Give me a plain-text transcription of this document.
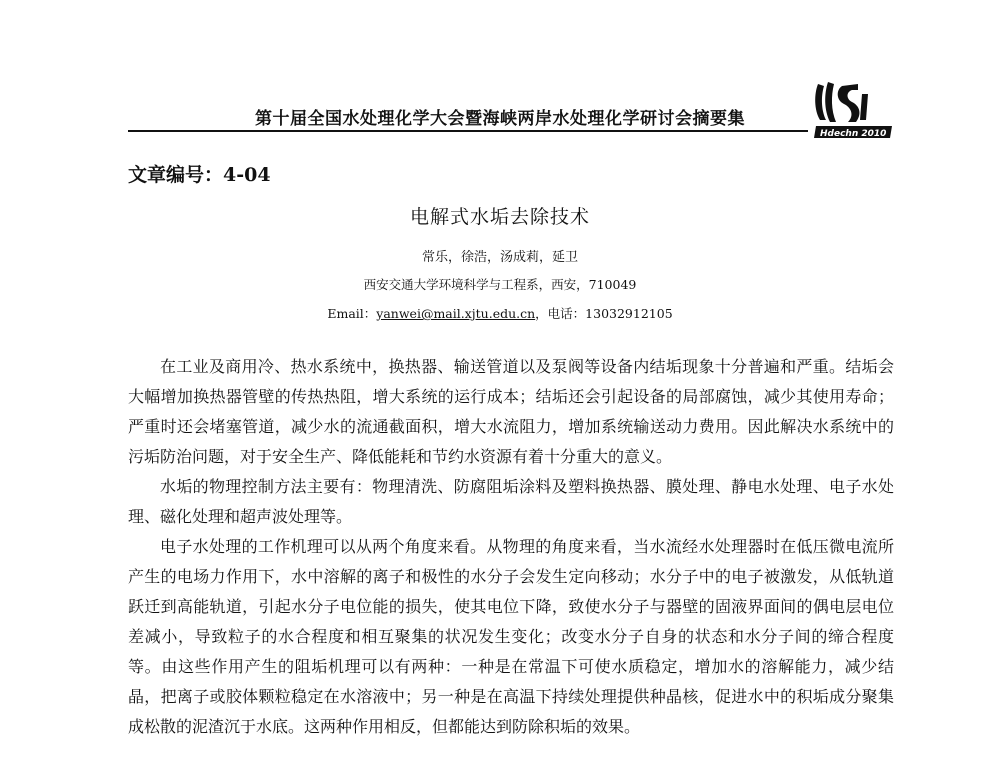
第十届全国水处理化学大会暨海峡两岸水处理化学研讨会摘要集
Hdechn 2010
文章编号：4-04
电解式水垢去除技术
常乐，徐浩，汤成莉，延卫
西安交通大学环境科学与工程系，西安，710049
Email：yanwei@mail.xjtu.edu.cn，电话：13032912105

在工业及商用冷、热水系统中，换热器、输送管道以及泵阀等设备内结垢现象十分普遍和严重。结垢会大幅增加换热器管壁的传热热阻，增大系统的运行成本；结垢还会引起设备的局部腐蚀，减少其使用寿命；严重时还会堵塞管道，减少水的流通截面积，增大水流阻力，增加系统输送动力费用。因此解决水系统中的污垢防治问题，对于安全生产、降低能耗和节约水资源有着十分重大的意义。

水垢的物理控制方法主要有：物理清洗、防腐阻垢涂料及塑料换热器、膜处理、静电水处理、电子水处理、磁化处理和超声波处理等。

电子水处理的工作机理可以从两个角度来看。从物理的角度来看，当水流经水处理器时在低压微电流所产生的电场力作用下，水中溶解的离子和极性的水分子会发生定向移动；水分子中的电子被激发，从低轨道跃迁到高能轨道，引起水分子电位能的损失，使其电位下降，致使水分子与器壁的固液界面间的偶电层电位差减小，导致粒子的水合程度和相互聚集的状况发生变化；改变水分子自身的状态和水分子间的缔合程度等。由这些作用产生的阻垢机理可以有两种：一种是在常温下可使水质稳定，增加水的溶解能力，减少结晶，把离子或胶体颗粒稳定在水溶液中；另一种是在高温下持续处理提供种晶核，促进水中的积垢成分聚集成松散的泥渣沉于水底。这两种作用相反，但都能达到防除积垢的效果。
